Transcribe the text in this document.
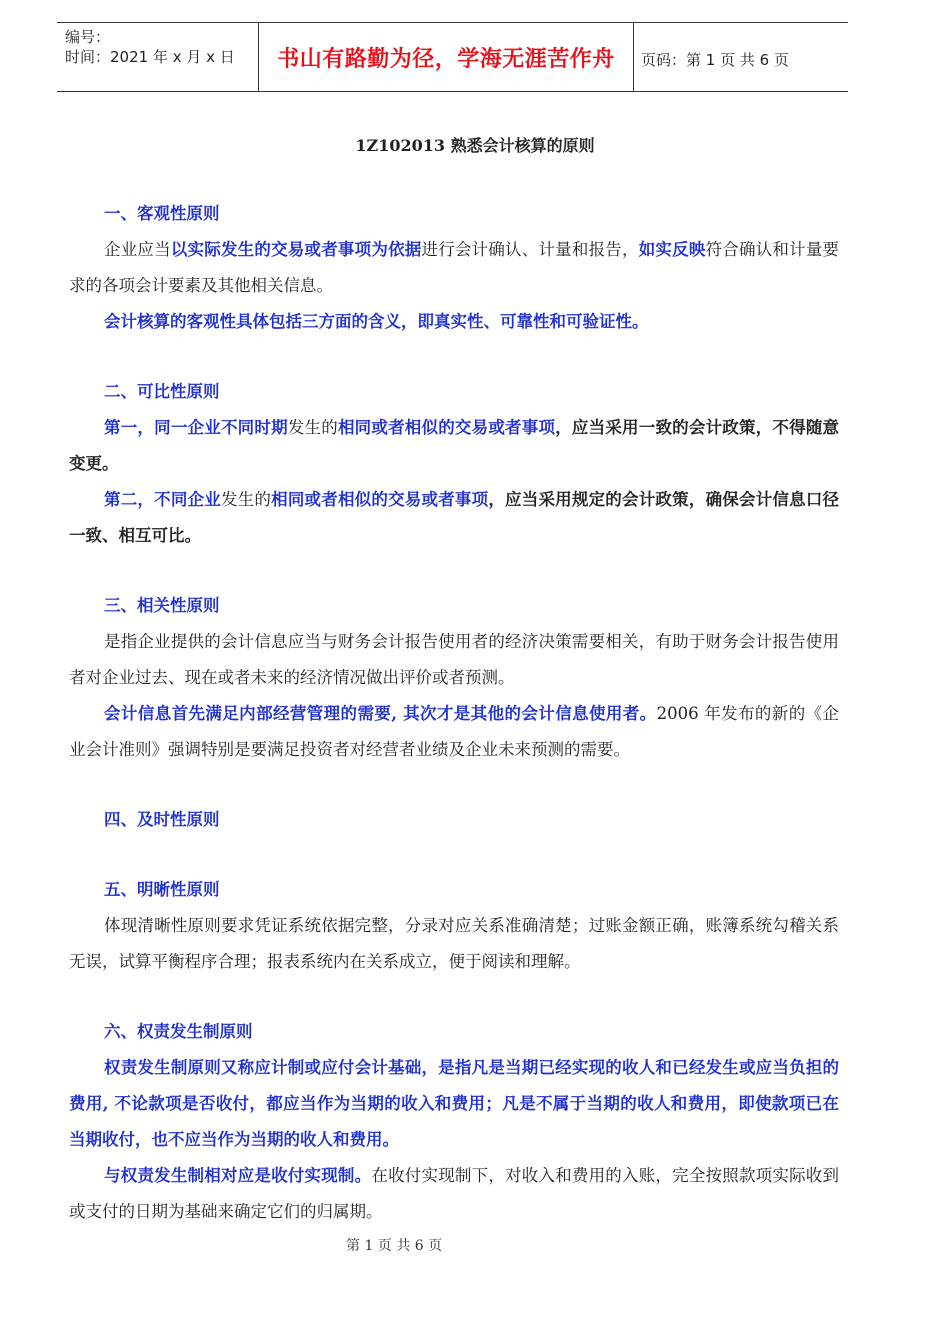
编号：
时间：2021 年 x 月 x 日	书山有路勤为径，学海无涯苦作舟	页码：第 1 页 共 6 页
1Z102013 熟悉会计核算的原则
一、客观性原则
企业应当以实际发生的交易或者事项为依据进行会计确认、计量和报告，如实反映符合确认和计量要求的各项会计要素及其他相关信息。
会计核算的客观性具体包括三方面的含义，即真实性、可靠性和可验证性。
二、可比性原则
第一，同一企业不同时期发生的相同或者相似的交易或者事项，应当采用一致的会计政策，不得随意变更。
第二，不同企业发生的相同或者相似的交易或者事项，应当采用规定的会计政策，确保会计信息口径一致、相互可比。
三、相关性原则
是指企业提供的会计信息应当与财务会计报告使用者的经济决策需要相关，有助于财务会计报告使用者对企业过去、现在或者未来的经济情况做出评价或者预测。
会计信息首先满足内部经营管理的需要, 其次才是其他的会计信息使用者。2006 年发布的新的《企业会计准则》强调特别是要满足投资者对经营者业绩及企业未来预测的需要。
四、及时性原则
五、明晰性原则
体现清晰性原则要求凭证系统依据完整，分录对应关系准确清楚；过账金额正确，账簿系统勾稽关系无误，试算平衡程序合理；报表系统内在关系成立，便于阅读和理解。
六、权责发生制原则
权责发生制原则又称应计制或应付会计基础，是指凡是当期已经实现的收人和已经发生或应当负担的费用, 不论款项是否收付，都应当作为当期的收入和费用；凡是不属于当期的收人和费用，即使款项已在当期收付，也不应当作为当期的收人和费用。
与权责发生制相对应是收付实现制。在收付实现制下，对收入和费用的入账，完全按照款项实际收到或支付的日期为基础来确定它们的归属期。
第 1 页 共 6 页
